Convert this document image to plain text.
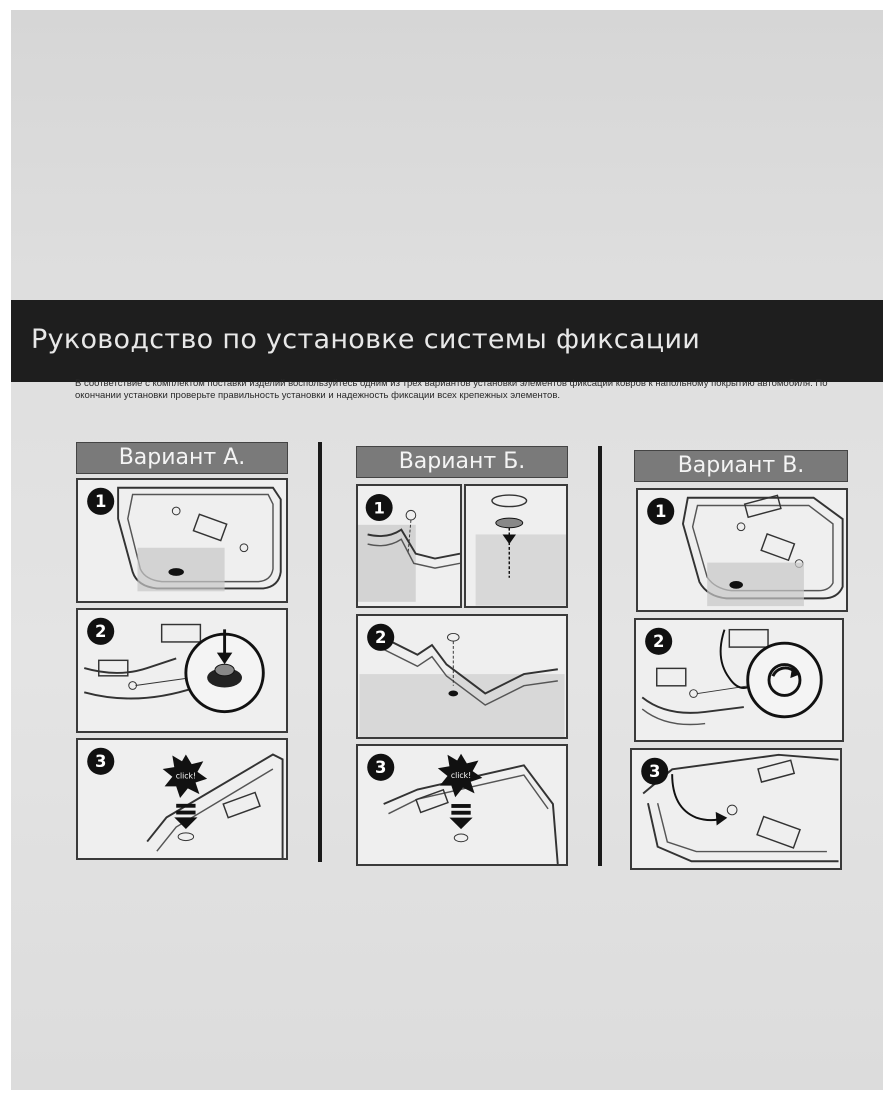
Руководство по установке системы фиксации
В соответствие с комплектом поставки изделий воспользуйтесь одним из трех вариантов установки элементов фиксации ковров к напольному покрытию автомобиля. По окончании установки проверьте правильность установки и надежность фиксации всех крепежных элементов.
Вариант А.
1
2
click!
3
Вариант Б.
1
2
click!
3
Вариант В.
1
2
3
